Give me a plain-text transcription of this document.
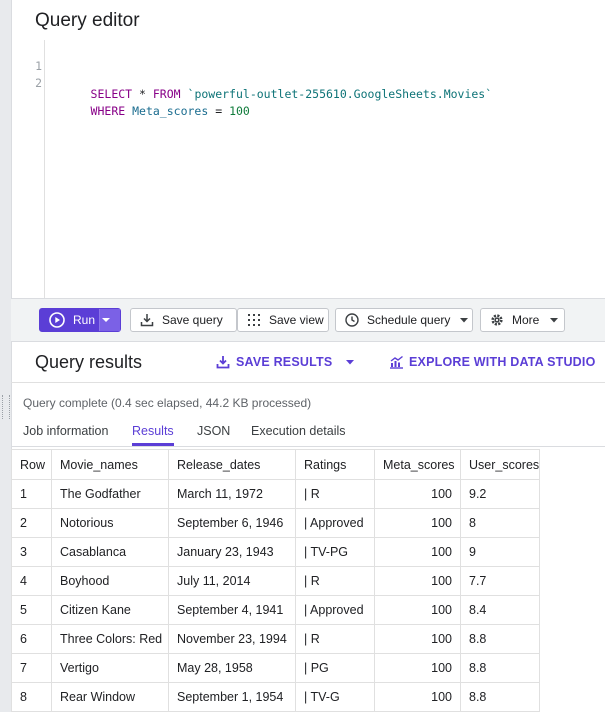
Query editor

1

SELECT * FROM `powerful-outlet-255610.GoogleSheets.Movies`

2

WHERE Meta_scores = 100

Run	Save query	Save view	Schedule query	More
Query results	SAVE RESULTS	EXPLORE WITH DATA STUDIO
Query complete (0.4 sec elapsed, 44.2 KB processed)
Job information Results JSON Execution details
Row	Movie_names	Release_dates	Ratings	Meta_scores	User_scores
1	The Godfather	March 11, 1972	| R	100	9.2
2	Notorious	September 6, 1946	| Approved	100	8
3	Casablanca	January 23, 1943	| TV-PG	100	9
4	Boyhood	July 11, 2014	| R	100	7.7
5	Citizen Kane	September 4, 1941	| Approved	100	8.4
6	Three Colors: Red	November 23, 1994	| R	100	8.8
7	Vertigo	May 28, 1958	| PG	100	8.8
8	Rear Window	September 1, 1954	| TV-G	100	8.8
